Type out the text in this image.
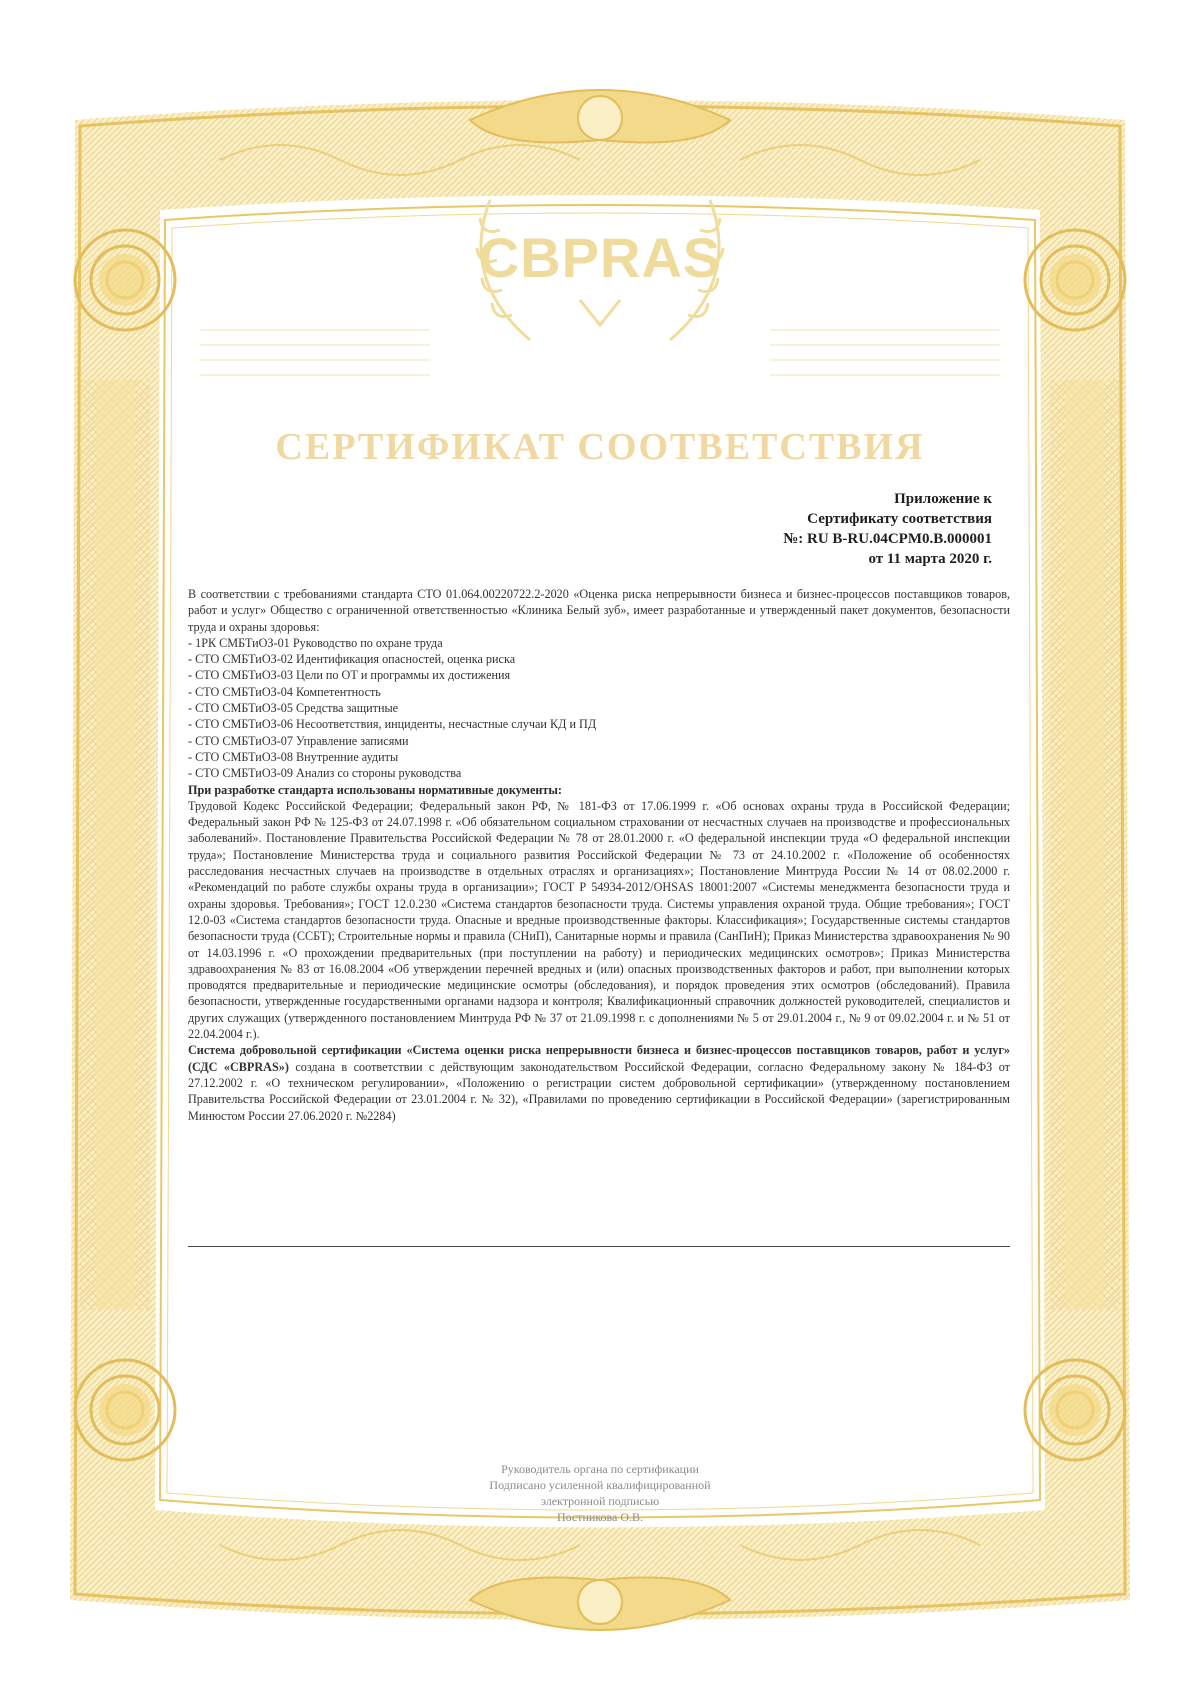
CBPRAS
СЕРТИФИКАТ СООТВЕТСТВИЯ
Приложение к
Сертификату соответствия
№: RU B-RU.04CPM0.B.000001
от 11 марта 2020 г.

В соответствии с требованиями стандарта СТО 01.064.00220722.2-2020 «Оценка риска непрерывности бизнеса и бизнес-процессов поставщиков товаров, работ и услуг» Общество с ограниченной ответственностью «Клиника Белый зуб», имеет разработанные и утвержденный пакет документов, безопасности труда и охраны здоровья:

- 1РК СМБТиОЗ-01 Руководство по охране труда
- СТО СМБТиОЗ-02 Идентификация опасностей, оценка риска
- СТО СМБТиОЗ-03 Цели по ОТ и программы их достижения
- СТО СМБТиОЗ-04 Компетентность
- СТО СМБТиОЗ-05 Средства защитные
- СТО СМБТиОЗ-06 Несоответствия, инциденты, несчастные случаи КД и ПД
- СТО СМБТиОЗ-07 Управление записями
- СТО СМБТиОЗ-08 Внутренние аудиты
- СТО СМБТиОЗ-09 Анализ со стороны руководства

При разработке стандарта использованы нормативные документы:

Трудовой Кодекс Российской Федерации; Федеральный закон РФ, № 181-ФЗ от 17.06.1999 г. «Об основах охраны труда в Российской Федерации; Федеральный закон РФ № 125-ФЗ от 24.07.1998 г. «Об обязательном социальном страховании от несчастных случаев на производстве и профессиональных заболеваний». Постановление Правительства Российской Федерации № 78 от 28.01.2000 г. «О федеральной инспекции труда «О федеральной инспекции труда»; Постановление Министерства труда и социального развития Российской Федерации № 73 от 24.10.2002 г. «Положение об особенностях расследования несчастных случаев на производстве в отдельных отраслях и организациях»; Постановление Минтруда России № 14 от 08.02.2000 г. «Рекомендаций по работе службы охраны труда в организации»; ГОСТ Р 54934-2012/OHSAS 18001:2007 «Системы менеджмента безопасности труда и охраны здоровья. Требования»; ГОСТ 12.0.230 «Система стандартов безопасности труда. Системы управления охраной труда. Общие требования»; ГОСТ 12.0-03 «Система стандартов безопасности труда. Опасные и вредные производственные факторы. Классификация»; Государственные системы стандартов безопасности труда (ССБТ); Строительные нормы и правила (СНиП), Санитарные нормы и правила (СанПиН); Приказ Министерства здравоохранения № 90 от 14.03.1996 г. «О прохождении предварительных (при поступлении на работу) и периодических медицинских осмотров»; Приказ Министерства здравоохранения № 83 от 16.08.2004 «Об утверждении перечней вредных и (или) опасных производственных факторов и работ, при выполнении которых проводятся предварительные и периодические медицинские осмотры (обследования), и порядок проведения этих осмотров (обследований). Правила безопасности, утвержденные государственными органами надзора и контроля; Квалификационный справочник должностей руководителей, специалистов и других служащих (утвержденного постановлением Минтруда РФ № 37 от 21.09.1998 г. с дополнениями № 5 от 29.01.2004 г., № 9 от 09.02.2004 г. и № 51 от 22.04.2004 г.).

Система добровольной сертификации «Система оценки риска непрерывности бизнеса и бизнес-процессов поставщиков товаров, работ и услуг» (СДС «CBPRAS») создана в соответствии с действующим законодательством Российской Федерации, согласно Федеральному закону № 184-ФЗ от 27.12.2002 г. «О техническом регулировании», «Положению о регистрации систем добровольной сертификации» (утвержденному постановлением Правительства Российской Федерации от 23.01.2004 г. № 32), «Правилами по проведению сертификации в Российской Федерации» (зарегистрированным Минюстом России 27.06.2020 г. №2284)

Руководитель органа по сертификации
Подписано усиленной квалифицированной
электронной подписью
Постникова О.В.
